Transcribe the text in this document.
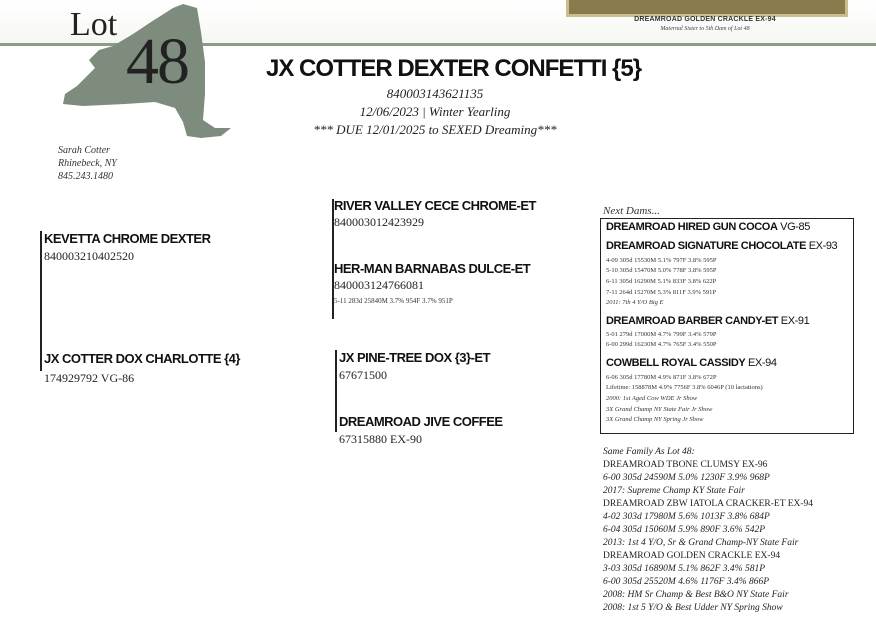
DREAMROAD GOLDEN CRACKLE EX-94
Maternal Sister to 5th Dam of Lot 48
Lot
48	JX COTTER DEXTER CONFETTI {5}
840003143621135
12/06/2023 | Winter Yearling
*** DUE 12/01/2025 to SEXED Dreaming***
Sarah Cotter
Rhinebeck, NY
845.243.1480
RIVER VALLEY CECE CHROME-ET
840003012423929
KEVETTA CHROME DEXTER
840003210402520
HER-MAN BARNABAS DULCE-ET
840003124766081
5-11 283d 25840M 3.7% 954F 3.7% 951P
JX COTTER DOX CHARLOTTE {4}
174929792 VG-86
JX PINE-TREE DOX {3}-ET
67671500
DREAMROAD JIVE COFFEE
67315880 EX-90
Next Dams...
DREAMROAD HIRED GUN COCOA VG-85
DREAMROAD SIGNATURE CHOCOLATE EX-93
4-09 305d 15530M 5.1% 797F 3.8% 595P
5-10 305d 15470M 5.0% 778F 3.8% 595P
6-11 305d 16290M 5.1% 833F 3.8% 622P
7-11 264d 15270M 5.3% 811F 3.9% 591P
2011: 7th 4 Y/O Big E
DREAMROAD BARBER CANDY-ET EX-91
5-01 279d 17000M 4.7% 799F 3.4% 579P
6-00 299d 16230M 4.7% 765F 3.4% 550P
COWBELL ROYAL CASSIDY EX-94
6-06 305d 17780M 4.9% 871F 3.8% 672P
Lifetime: 158878M 4.9% 7756F 3.8% 6046P (10 lactations)
2000: 1st Aged Cow WDE Jr Show
3X Grand Champ NY State Fair Jr Show
3X Grand Champ NY Spring Jr Show
Same Family As Lot 48:
DREAMROAD TBONE CLUMSY EX-96
6-00 305d 24590M 5.0% 1230F 3.9% 968P
2017: Supreme Champ KY State Fair
DREAMROAD ZBW IATOLA CRACKER-ET EX-94
4-02 303d 17980M 5.6% 1013F 3.8% 684P
6-04 305d 15060M 5.9% 890F 3.6% 542P
2013: 1st 4 Y/O, Sr & Grand Champ-NY State Fair
DREAMROAD GOLDEN CRACKLE EX-94
3-03 305d 16890M 5.1% 862F 3.4% 581P
6-00 305d 25520M 4.6% 1176F 3.4% 866P
2008: HM Sr Champ & Best B&O NY State Fair
2008: 1st 5 Y/O & Best Udder NY Spring Show
